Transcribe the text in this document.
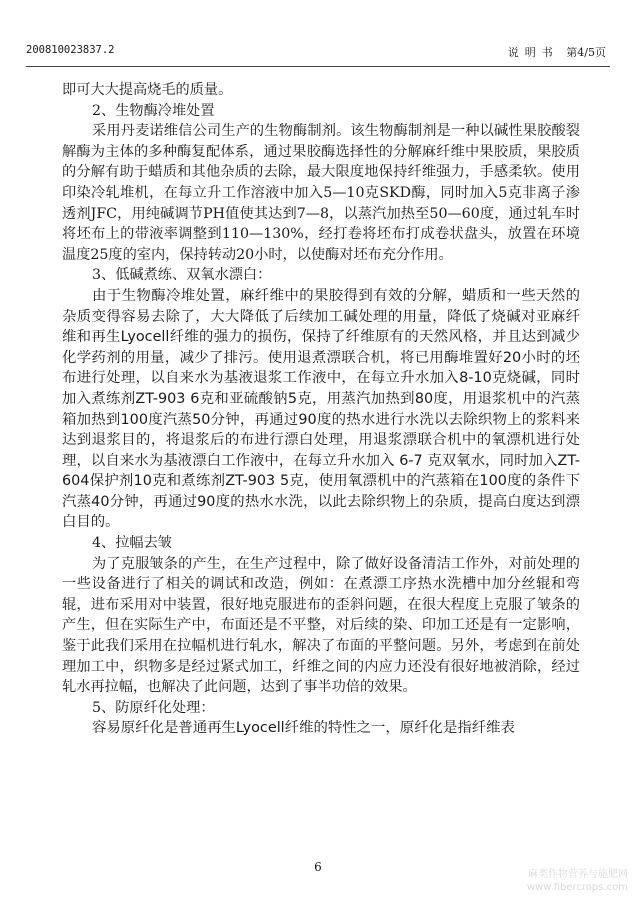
200810023837.2	说明书 第4/5页

即可大大提高烧毛的质量。

2、生物酶冷堆处置

采用丹麦诺维信公司生产的生物酶制剂。该生物酶制剂是一种以碱性果胶酸裂解酶为主体的多种酶复配体系，通过果胶酶选择性的分解麻纤维中果胶质，果胶质的分解有助于蜡质和其他杂质的去除，最大限度地保持纤维强力，手感柔软。使用印染冷轧堆机，在每立升工作溶液中加入5—10克SKD酶，同时加入5克非离子渗透剂JFC，用纯碱调节PH值使其达到7—8，以蒸汽加热至50—60度，通过轧车时将坯布上的带液率调整到110—130%，经打卷将坯布打成卷状盘头，放置在环境温度25度的室内，保持转动20小时，以使酶对坯布充分作用。

3、低碱煮练、双氧水漂白：

由于生物酶冷堆处置，麻纤维中的果胶得到有效的分解，蜡质和一些天然的杂质变得容易去除了，大大降低了后续加工碱处理的用量，降低了烧碱对亚麻纤维和再生Lyocell纤维的强力的损伤，保持了纤维原有的天然风格，并且达到减少化学药剂的用量，减少了排污。使用退煮漂联合机，将已用酶堆置好20小时的坯布进行处理，以自来水为基液退浆工作液中，在每立升水加入8-10克烧碱，同时加入煮练剂ZT-903 6克和亚硫酸钠5克，用蒸汽加热到80度，用退浆机中的汽蒸箱加热到100度汽蒸50分钟，再通过90度的热水进行水洗以去除织物上的浆料来达到退浆目的，将退浆后的布进行漂白处理，用退浆漂联合机中的氧漂机进行处理，以自来水为基液漂白工作液中，在每立升水加入 6-7 克双氧水，同时加入ZT-604保护剂10克和煮练剂ZT-903 5克，使用氧漂机中的汽蒸箱在100度的条件下汽蒸40分钟，再通过90度的热水水洗，以此去除织物上的杂质，提高白度达到漂白目的。

4、拉幅去皱

为了克服皱条的产生，在生产过程中，除了做好设备清洁工作外，对前处理的一些设备进行了相关的调试和改造，例如：在煮漂工序热水洗槽中加分丝辊和弯辊，进布采用对中装置，很好地克服进布的歪斜问题，在很大程度上克服了皱条的产生，但在实际生产中，布面还是不平整，对后续的染、印加工还是有一定影响，鉴于此我们采用在拉幅机进行轧水，解决了布面的平整问题。另外，考虑到在前处理加工中，织物多是经过紧式加工，纤维之间的内应力还没有很好地被消除，经过轧水再拉幅，也解决了此问题，达到了事半功倍的效果。

5、防原纤化处理：

容易原纤化是普通再生Lyocell纤维的特性之一，原纤化是指纤维表

6
麻类作物营养与施肥网
www.fibercrops.com
